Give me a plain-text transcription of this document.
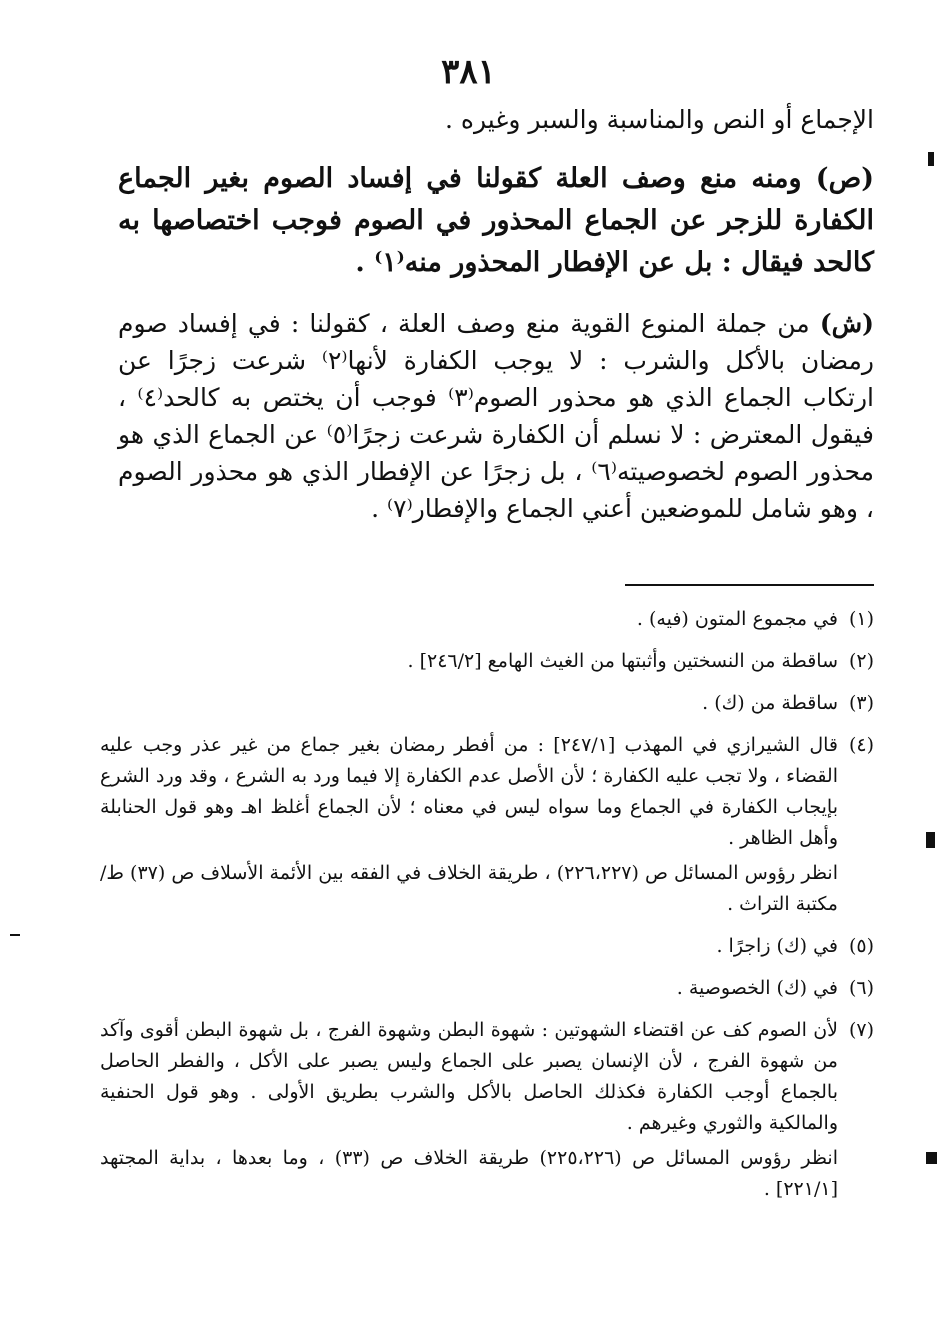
٣٨١
الإجماع أو النص والمناسبة والسبر وغيره .
(ص) ومنه منع وصف العلة كقولنا في إفساد الصوم بغير الجماع الكفارة للزجر عن الجماع المحذور في الصوم فوجب اختصاصها به كالحد فيقال : بل عن الإفطار المحذور منه⁽١⁾ .
(ش) من جملة المنوع القوية منع وصف العلة ، كقولنا : في إفساد صوم رمضان بالأكل والشرب : لا يوجب الكفارة لأنها⁽٢⁾ شرعت زجرًا عن ارتكاب الجماع الذي هو محذور الصوم⁽٣⁾ فوجب أن يختص به كالحد⁽٤⁾ ، فيقول المعترض : لا نسلم أن الكفارة شرعت زجرًا⁽٥⁾ عن الجماع الذي هو محذور الصوم لخصوصيته⁽٦⁾ ، بل زجرًا عن الإفطار الذي هو محذور الصوم ، وهو شامل للموضعين أعني الجماع والإفطار⁽٧⁾ .
(١)
في مجموع المتون (فيه) .
(٢)
ساقطة من النسختين وأثبتها من الغيث الهامع [٢٤٦/٢] .
(٣)
ساقطة من (ك) .
(٤)
قال الشيرازي في المهذب [٢٤٧/١] : من أفطر رمضان بغير جماع من غير عذر وجب عليه القضاء ، ولا تجب عليه الكفارة ؛ لأن الأصل عدم الكفارة إلا فيما ورد به الشرع ، وقد ورد الشرع بإيجاب الكفارة في الجماع وما سواه ليس في معناه ؛ لأن الجماع أغلظ اهـ وهو قول الحنابلة وأهل الظاهر .
انظر رؤوس المسائل ص (٢٢٦،٢٢٧) ، طريقة الخلاف في الفقه بين الأئمة الأسلاف ص (٣٧) ط/ مكتبة التراث .
(٥)
في (ك) زاجرًا .
(٦)
في (ك) الخصوصية .
(٧)
لأن الصوم كف عن اقتضاء الشهوتين : شهوة البطن وشهوة الفرج ، بل شهوة البطن أقوى وآكد من شهوة الفرج ، لأن الإنسان يصبر على الجماع وليس يصبر على الأكل ، والفطر الحاصل بالجماع أوجب الكفارة فكذلك الحاصل بالأكل والشرب بطريق الأولى . وهو قول الحنفية والمالكية والثوري وغيرهم .
انظر رؤوس المسائل ص (٢٢٥،٢٢٦) طريقة الخلاف ص (٣٣) ، وما بعدها ، بداية المجتهد [٢٢١/١] .
